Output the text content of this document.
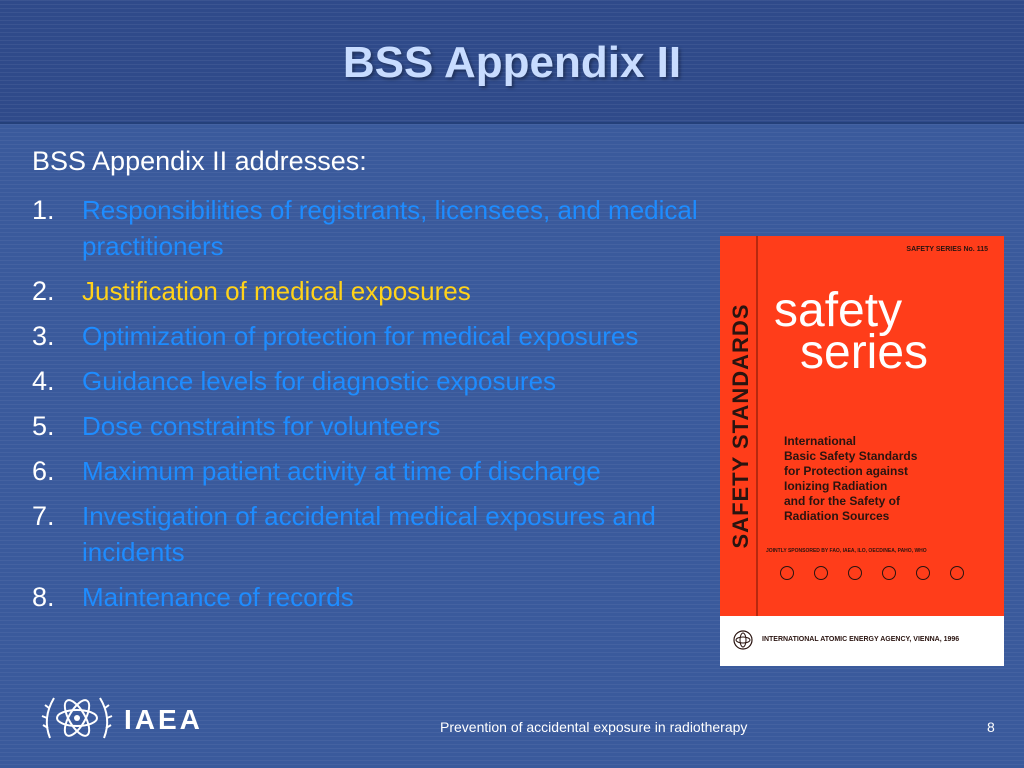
BSS Appendix II
BSS Appendix II addresses:
1. Responsibilities of registrants, licensees, and medical practitioners
2. Justification of medical exposures
3. Optimization of protection for medical exposures
4. Guidance levels for diagnostic exposures
5. Dose constraints for volunteers
6. Maximum patient activity at time of discharge
7. Investigation of accidental medical exposures and incidents
8. Maintenance of records
SAFETY SERIES No. 115
SAFETY STANDARDS safety
series
International
Basic Safety Standards
for Protection against
Ionizing Radiation
and for the Safety of
Radiation Sources
JOINTLY SPONSORED BY FAO, IAEA, ILO, OECD/NEA, PAHO, WHO
INTERNATIONAL ATOMIC ENERGY AGENCY, VIENNA, 1996
IAEA	Prevention of accidental exposure in radiotherapy	8
